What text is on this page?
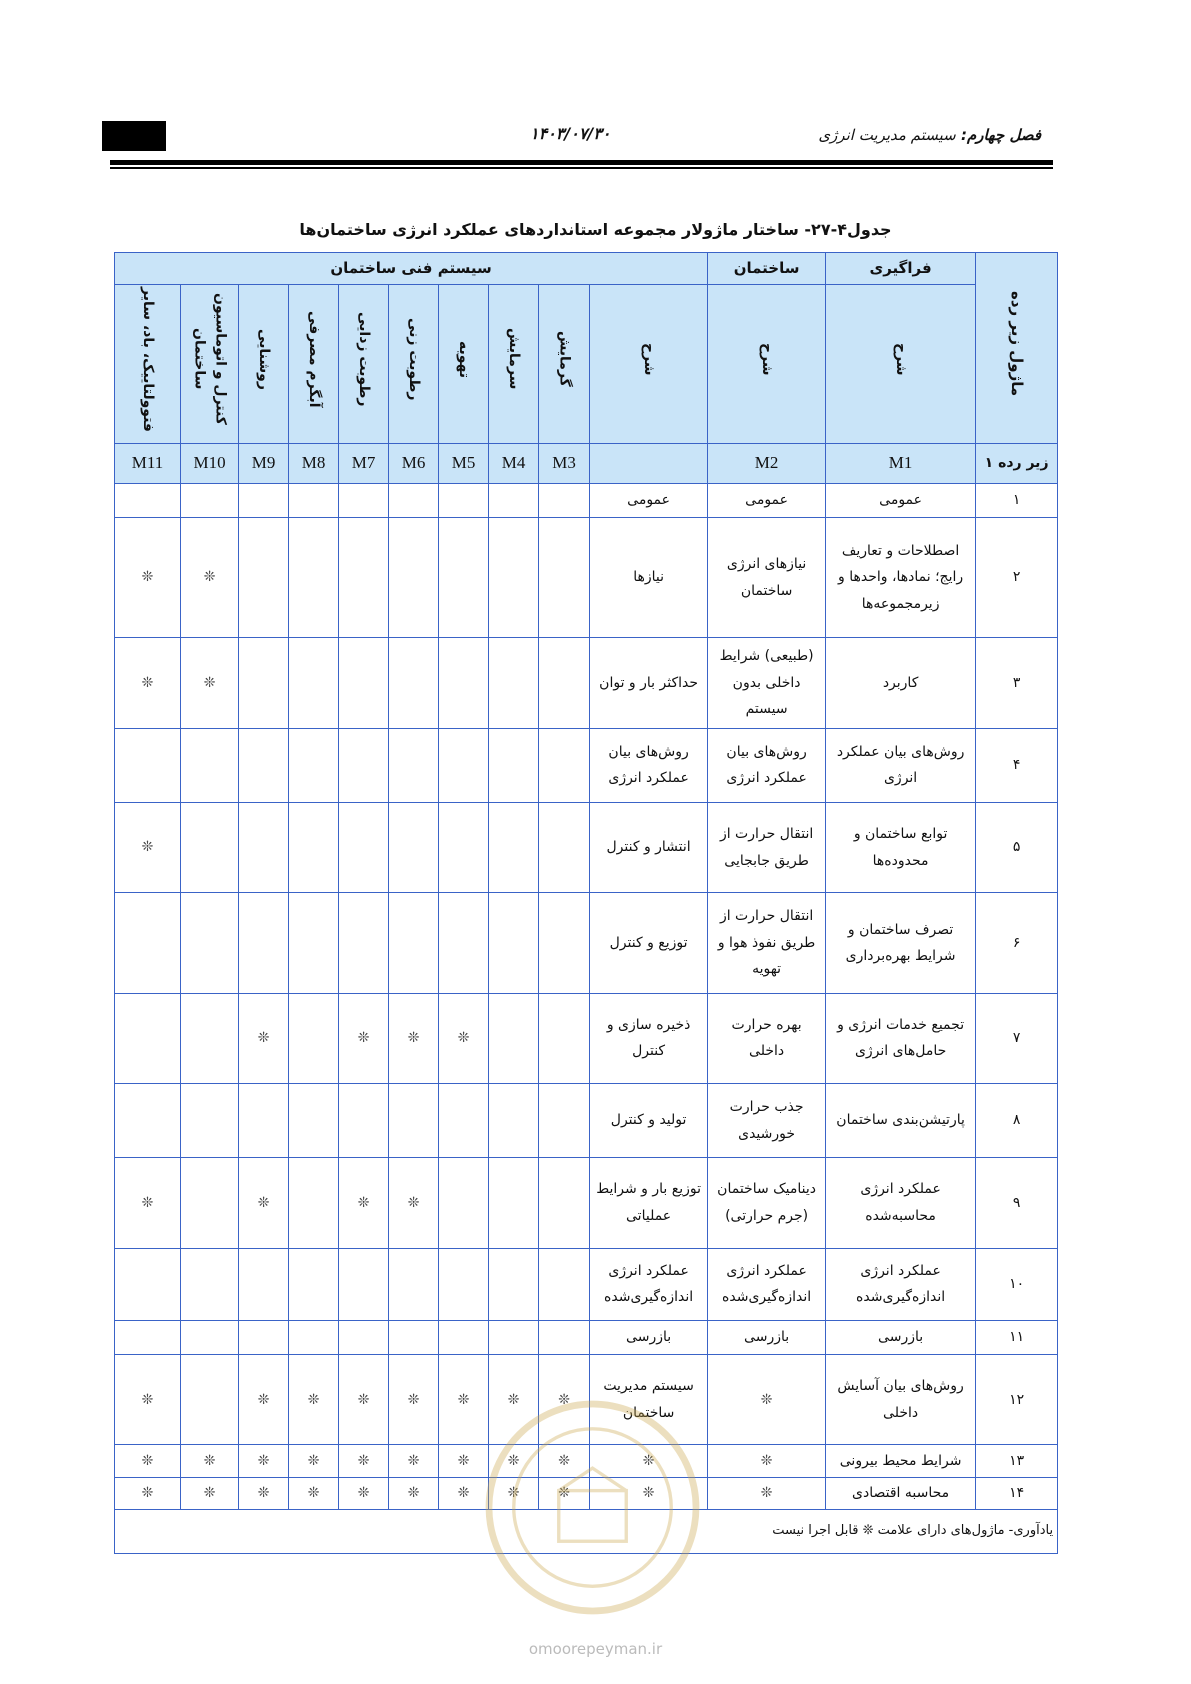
فصل چهارم: سیستم مدیریت انرژی
۱۴۰۳/۰۷/۳۰
جدول۴-۲۷- ساختار ماژولار مجموعه استانداردهای عملکرد انرژی ساختمان‌ها
ماژول زیر رده	فراگیری	ساختمان	سیستم فنی ساختمان									
	شرح	شرح	شرح	گرمایش	سرمایش	تهویه	رطوبت زنی	رطوبت زدایی	آبگرم مصرفی	روشنایی	کنترل و اتوماسیون ساختمان	فتوولتاییک، باد، سایر
زیر رده ۱	M1	M2		M3	M4	M5	M6	M7	M8	M9	M10	M11
۱	عمومی	عمومی	عمومی									
۲	اصطلاحات و تعاریف رایج؛ نمادها، واحدها و زیرمجموعه‌ها	نیازهای انرژی ساختمان	نیازها								❊	❊
۳	کاربرد	(طبیعی) شرایط داخلی بدون سیستم	حداکثر بار و توان								❊	❊
۴	روش‌های بیان عملکرد انرژی	روش‌های بیان عملکرد انرژی	روش‌های بیان عملکرد انرژی									
۵	توابع ساختمان و محدوده‌ها	انتقال حرارت از طریق جابجایی	انتشار و کنترل									❊
۶	تصرف ساختمان و شرایط بهره‌برداری	انتقال حرارت از طریق نفوذ هوا و تهویه	توزیع و کنترل									
۷	تجمیع خدمات انرژی و حامل‌های انرژی	بهره حرارت داخلی	ذخیره سازی و کنترل			❊	❊	❊		❊		
۸	پارتیشن‌بندی ساختمان	جذب حرارت خورشیدی	تولید و کنترل									
۹	عملکرد انرژی محاسبه‌شده	دینامیک ساختمان (جرم حرارتی)	توزیع بار و شرایط عملیاتی				❊	❊		❊		❊
۱۰	عملکرد انرژی اندازه‌گیری‌شده	عملکرد انرژی اندازه‌گیری‌شده	عملکرد انرژی اندازه‌گیری‌شده									
۱۱	بازرسی	بازرسی	بازرسی									
۱۲	روش‌های بیان آسایش داخلی	❊	سیستم مدیریت ساختمان	❊	❊	❊	❊	❊	❊	❊		❊
۱۳	شرایط محیط بیرونی	❊	❊	❊	❊	❊	❊	❊	❊	❊	❊	❊
۱۴	محاسبه اقتصادی	❊	❊	❊	❊	❊	❊	❊	❊	❊	❊	❊
یادآوری- ماژول‌های دارای علامت ❊ قابل اجرا نیست												
omoorepeyman.ir
